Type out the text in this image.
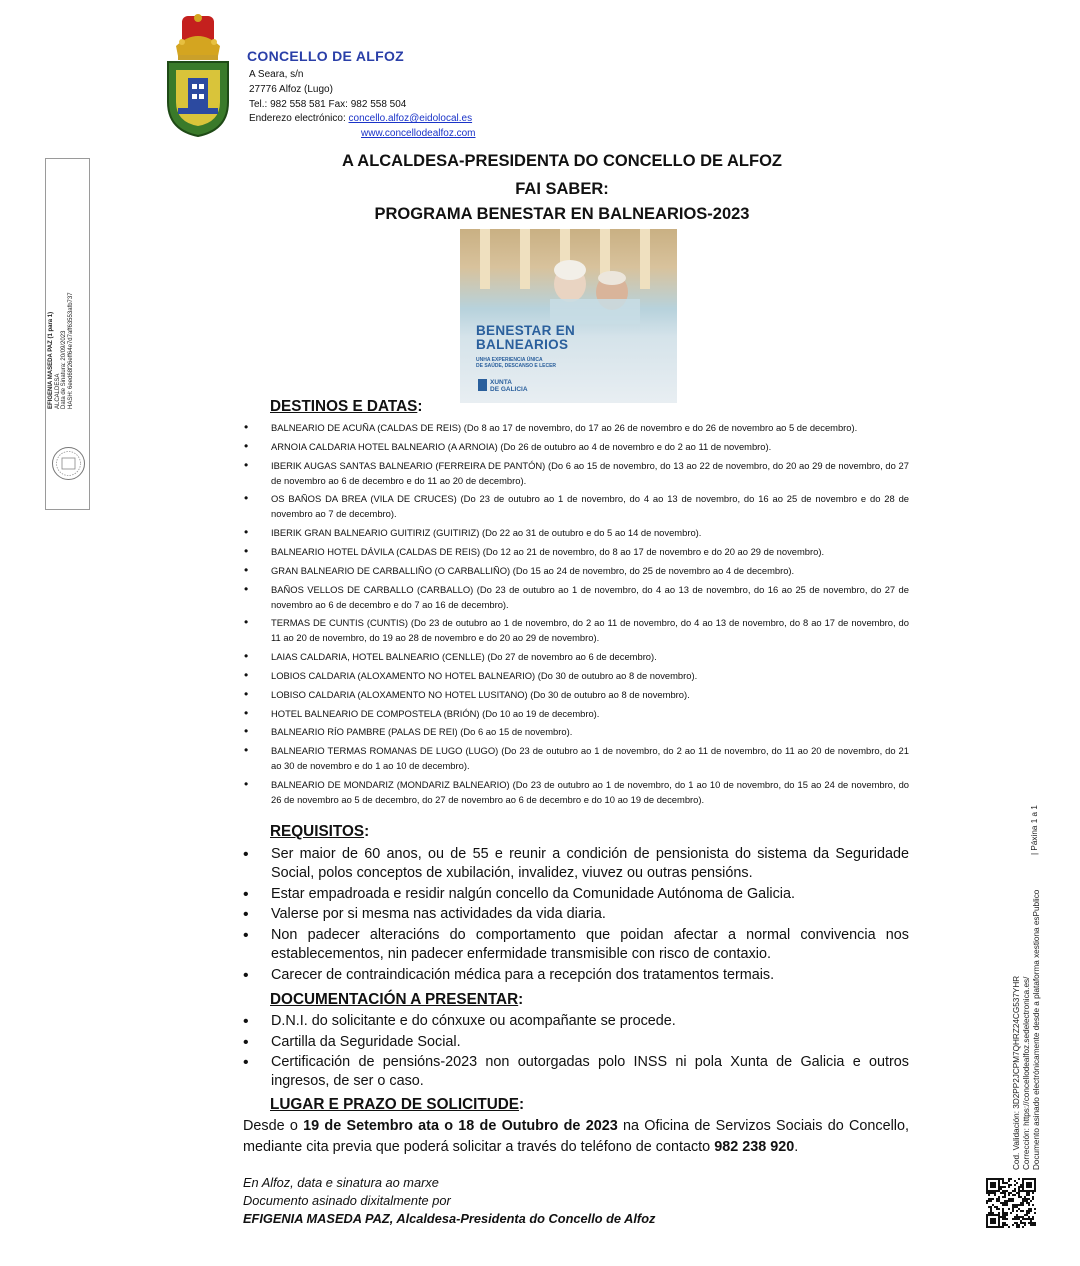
CONCELLO DE ALFOZ
A Seara, s/n
27776 Alfoz (Lugo)
Tel.: 982 558 581 Fax: 982 558 504
Enderezo electrónico: concello.alfoz@eidolocal.es
www.concellodealfoz.com
EFIGENIA MASEDA PAZ (1 para 1) ALCALDESA Data de Sinatura: 20/09/2023 HASH: 6eed68f26eff64e7d7aff63553afb737
A ALCALDESA-PRESIDENTA DO CONCELLO DE ALFOZ
FAI SABER:
PROGRAMA BENESTAR EN BALNEARIOS-2023
BENESTAR EN
BALNEARIOS
UNHA EXPERIENCIA ÚNICA
DE SAÚDE, DESCANSO E LECER
XUNTA
DE GALICIA
DESTINOS E DATAS:
• BALNEARIO DE ACUÑA (CALDAS DE REIS) (Do 8 ao 17 de novembro, do 17 ao 26 de novembro e do 26 de novembro ao 5 de decembro).
• ARNOIA CALDARIA HOTEL BALNEARIO (A ARNOIA) (Do 26 de outubro ao 4 de novembro e do 2 ao 11 de novembro).
• IBERIK AUGAS SANTAS BALNEARIO (FERREIRA DE PANTÓN) (Do 6 ao 15 de novembro, do 13 ao 22 de novembro, do 20 ao 29 de novembro, do 27 de novembro ao 6 de decembro e do 11 ao 20 de decembro).
• OS BAÑOS DA BREA (VILA DE CRUCES) (Do 23 de outubro ao 1 de novembro, do 4 ao 13 de novembro, do 16 ao 25 de novembro e do 28 de novembro ao 7 de decembro).
• IBERIK GRAN BALNEARIO GUITIRIZ (GUITIRIZ) (Do 22 ao 31 de outubro e do 5 ao 14 de novembro).
• BALNEARIO HOTEL DÁVILA (CALDAS DE REIS) (Do 12 ao 21 de novembro, do 8 ao 17 de novembro e do 20 ao 29 de novembro).
• GRAN BALNEARIO DE CARBALLIÑO (O CARBALLIÑO) (Do 15 ao 24 de novembro, do 25 de novembro ao 4 de decembro).
• BAÑOS VELLOS DE CARBALLO (CARBALLO) (Do 23 de outubro ao 1 de novembro, do 4 ao 13 de novembro, do 16 ao 25 de novembro, do 27 de novembro ao 6 de decembro e do 7 ao 16 de decembro).
• TERMAS DE CUNTIS (CUNTIS) (Do 23 de outubro ao 1 de novembro, do 2 ao 11 de novembro, do 4 ao 13 de novembro, do 8 ao 17 de novembro, do 11 ao 20 de novembro, do 19 ao 28 de novembro e do 20 ao 29 de novembro).
• LAIAS CALDARIA, HOTEL BALNEARIO (CENLLE) (Do 27 de novembro ao 6 de decembro).
• LOBIOS CALDARIA (ALOXAMENTO NO HOTEL BALNEARIO) (Do 30 de outubro ao 8 de novembro).
• LOBISO CALDARIA (ALOXAMENTO NO HOTEL LUSITANO) (Do 30 de outubro ao 8 de novembro).
• HOTEL BALNEARIO DE COMPOSTELA (BRIÓN) (Do 10 ao 19 de decembro).
• BALNEARIO RÍO PAMBRE (PALAS DE REI) (Do 6 ao 15 de novembro).
• BALNEARIO TERMAS ROMANAS DE LUGO (LUGO) (Do 23 de outubro ao 1 de novembro, do 2 ao 11 de novembro, do 11 ao 20 de novembro, do 21 ao 30 de novembro e do 1 ao 10 de decembro).
• BALNEARIO DE MONDARIZ (MONDARIZ BALNEARIO) (Do 23 de outubro ao 1 de novembro, do 1 ao 10 de novembro, do 15 ao 24 de novembro, do 26 de novembro ao 5 de decembro, do 27 de novembro ao 6 de decembro e do 10 ao 19 de decembro).
REQUISITOS:
• Ser maior de 60 anos, ou de 55 e reunir a condición de pensionista do sistema da Seguridade Social, polos conceptos de xubilación, invalidez, viuvez ou outras pensións.
• Estar empadroada e residir nalgún concello da Comunidade Autónoma de Galicia.
• Valerse por si mesma nas actividades da vida diaria.
• Non padecer alteracións do comportamento que poidan afectar a normal convivencia nos establecementos, nin padecer enfermidade transmisible con risco de contaxio.
• Carecer de contraindicación médica para a recepción dos tratamentos termais.
DOCUMENTACIÓN A PRESENTAR:
• D.N.I. do solicitante e do cónxuxe ou acompañante se procede.
• Cartilla da Seguridade Social.
• Certificación de pensións-2023 non outorgadas polo INSS ni pola Xunta de Galicia e outros ingresos, de ser o caso.
LUGAR E PRAZO DE SOLICITUDE:
Desde o 19 de Setembro ata o 18 de Outubro de 2023 na Oficina de Servizos Sociais do Concello, mediante cita previa que poderá solicitar a través do teléfono de contacto 982 238 920.
En Alfoz, data e sinatura ao marxe
Documento asinado dixitalmente por
EFIGENIA MASEDA PAZ, Alcaldesa-Presidenta do Concello de Alfoz
| Páxina 1 a 1
Cod. Validación: 3D2PP2JCPM7QHRZ24CG537YHR Corrección: https://concellodealfoz.sedelectronica.es/ Documento asinado electrónicamente desde a plataforma xestiona esPublico
